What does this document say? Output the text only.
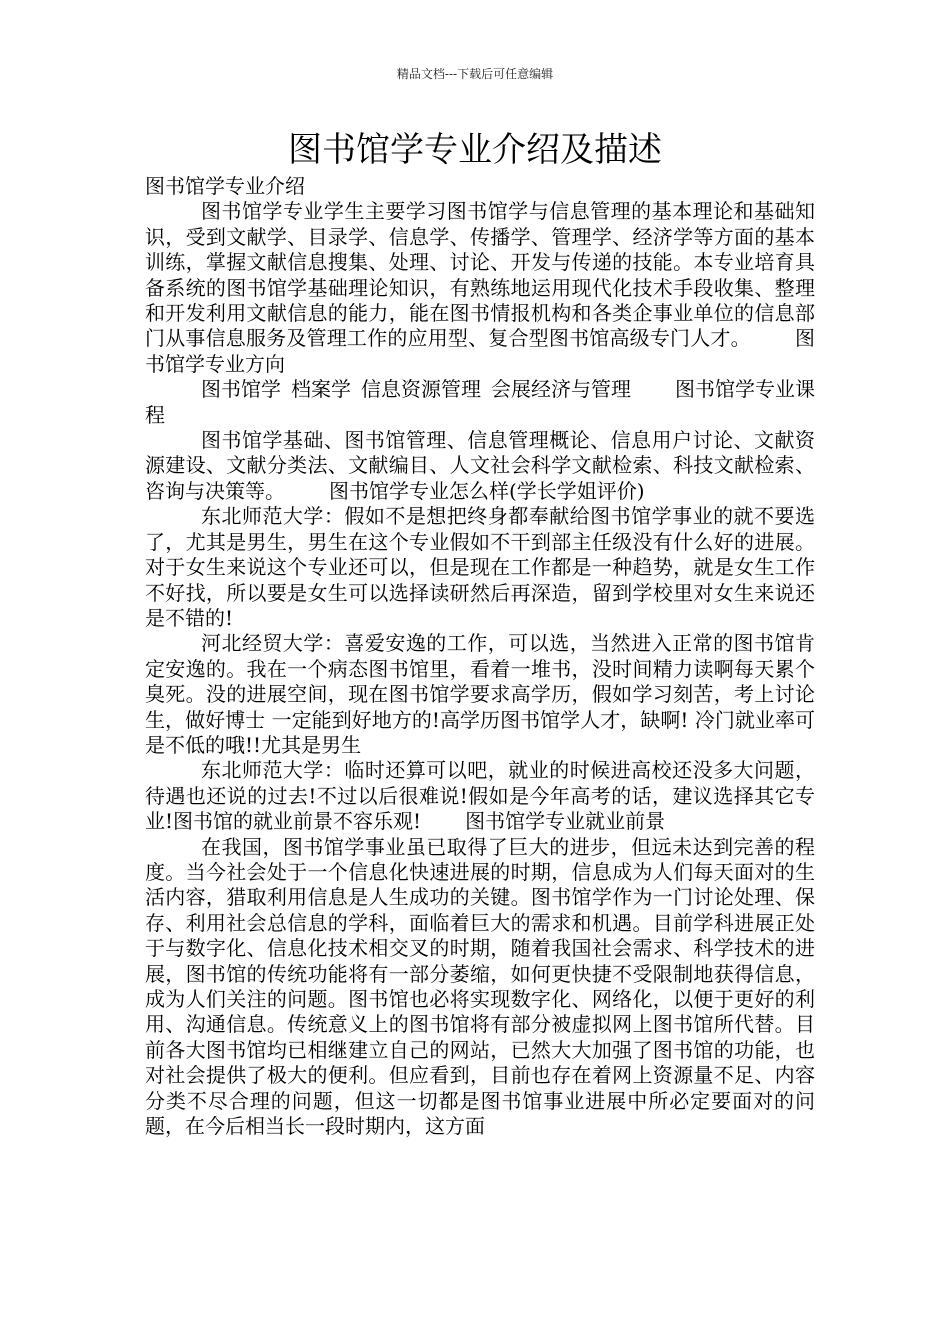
精品文档---下载后可任意编辑
图书馆学专业介绍及描述

图书馆学专业介绍

图书馆学专业学生主要学习图书馆学与信息管理的基本理论和基础知识，受到文献学、目录学、信息学、传播学、管理学、经济学等方面的基本训练，掌握文献信息搜集、处理、讨论、开发与传递的技能。本专业培育具备系统的图书馆学基础理论知识，有熟练地运用现代化技术手段收集、整理和开发利用文献信息的能力，能在图书情报机构和各类企事业单位的信息部门从事信息服务及管理工作的应用型、复合型图书馆高级专门人才。 图书馆学专业方向

图书馆学 档案学 信息资源管理 会展经济与管理 图书馆学专业课程

图书馆学基础、图书馆管理、信息管理概论、信息用户讨论、文献资源建设、文献分类法、文献编目、人文社会科学文献检索、科技文献检索、咨询与决策等。 图书馆学专业怎么样(学长学姐评价)

东北师范大学：假如不是想把终身都奉献给图书馆学事业的就不要选了，尤其是男生，男生在这个专业假如不干到部主任级没有什么好的进展。对于女生来说这个专业还可以，但是现在工作都是一种趋势，就是女生工作不好找，所以要是女生可以选择读研然后再深造，留到学校里对女生来说还是不错的!

河北经贸大学：喜爱安逸的工作，可以选，当然进入正常的图书馆肯定安逸的。我在一个病态图书馆里，看着一堆书，没时间精力读啊每天累个臭死。没的进展空间，现在图书馆学要求高学历，假如学习刻苦，考上讨论生，做好博士 一定能到好地方的!高学历图书馆学人才，缺啊! 冷门就业率可是不低的哦!!尤其是男生

东北师范大学：临时还算可以吧，就业的时候进高校还没多大问题，待遇也还说的过去!不过以后很难说!假如是今年高考的话，建议选择其它专业!图书馆的就业前景不容乐观! 图书馆学专业就业前景

在我国，图书馆学事业虽已取得了巨大的进步，但远未达到完善的程度。当今社会处于一个信息化快速进展的时期，信息成为人们每天面对的生活内容，猎取利用信息是人生成功的关键。图书馆学作为一门讨论处理、保存、利用社会总信息的学科，面临着巨大的需求和机遇。目前学科进展正处于与数字化、信息化技术相交叉的时期，随着我国社会需求、科学技术的进展，图书馆的传统功能将有一部分萎缩，如何更快捷不受限制地获得信息，成为人们关注的问题。图书馆也必将实现数字化、网络化，以便于更好的利用、沟通信息。传统意义上的图书馆将有部分被虚拟网上图书馆所代替。目前各大图书馆均已相继建立自己的网站，已然大大加强了图书馆的功能，也对社会提供了极大的便利。但应看到，目前也存在着网上资源量不足、内容分类不尽合理的问题，但这一切都是图书馆事业进展中所必定要面对的问题，在今后相当长一段时期内，这方面
